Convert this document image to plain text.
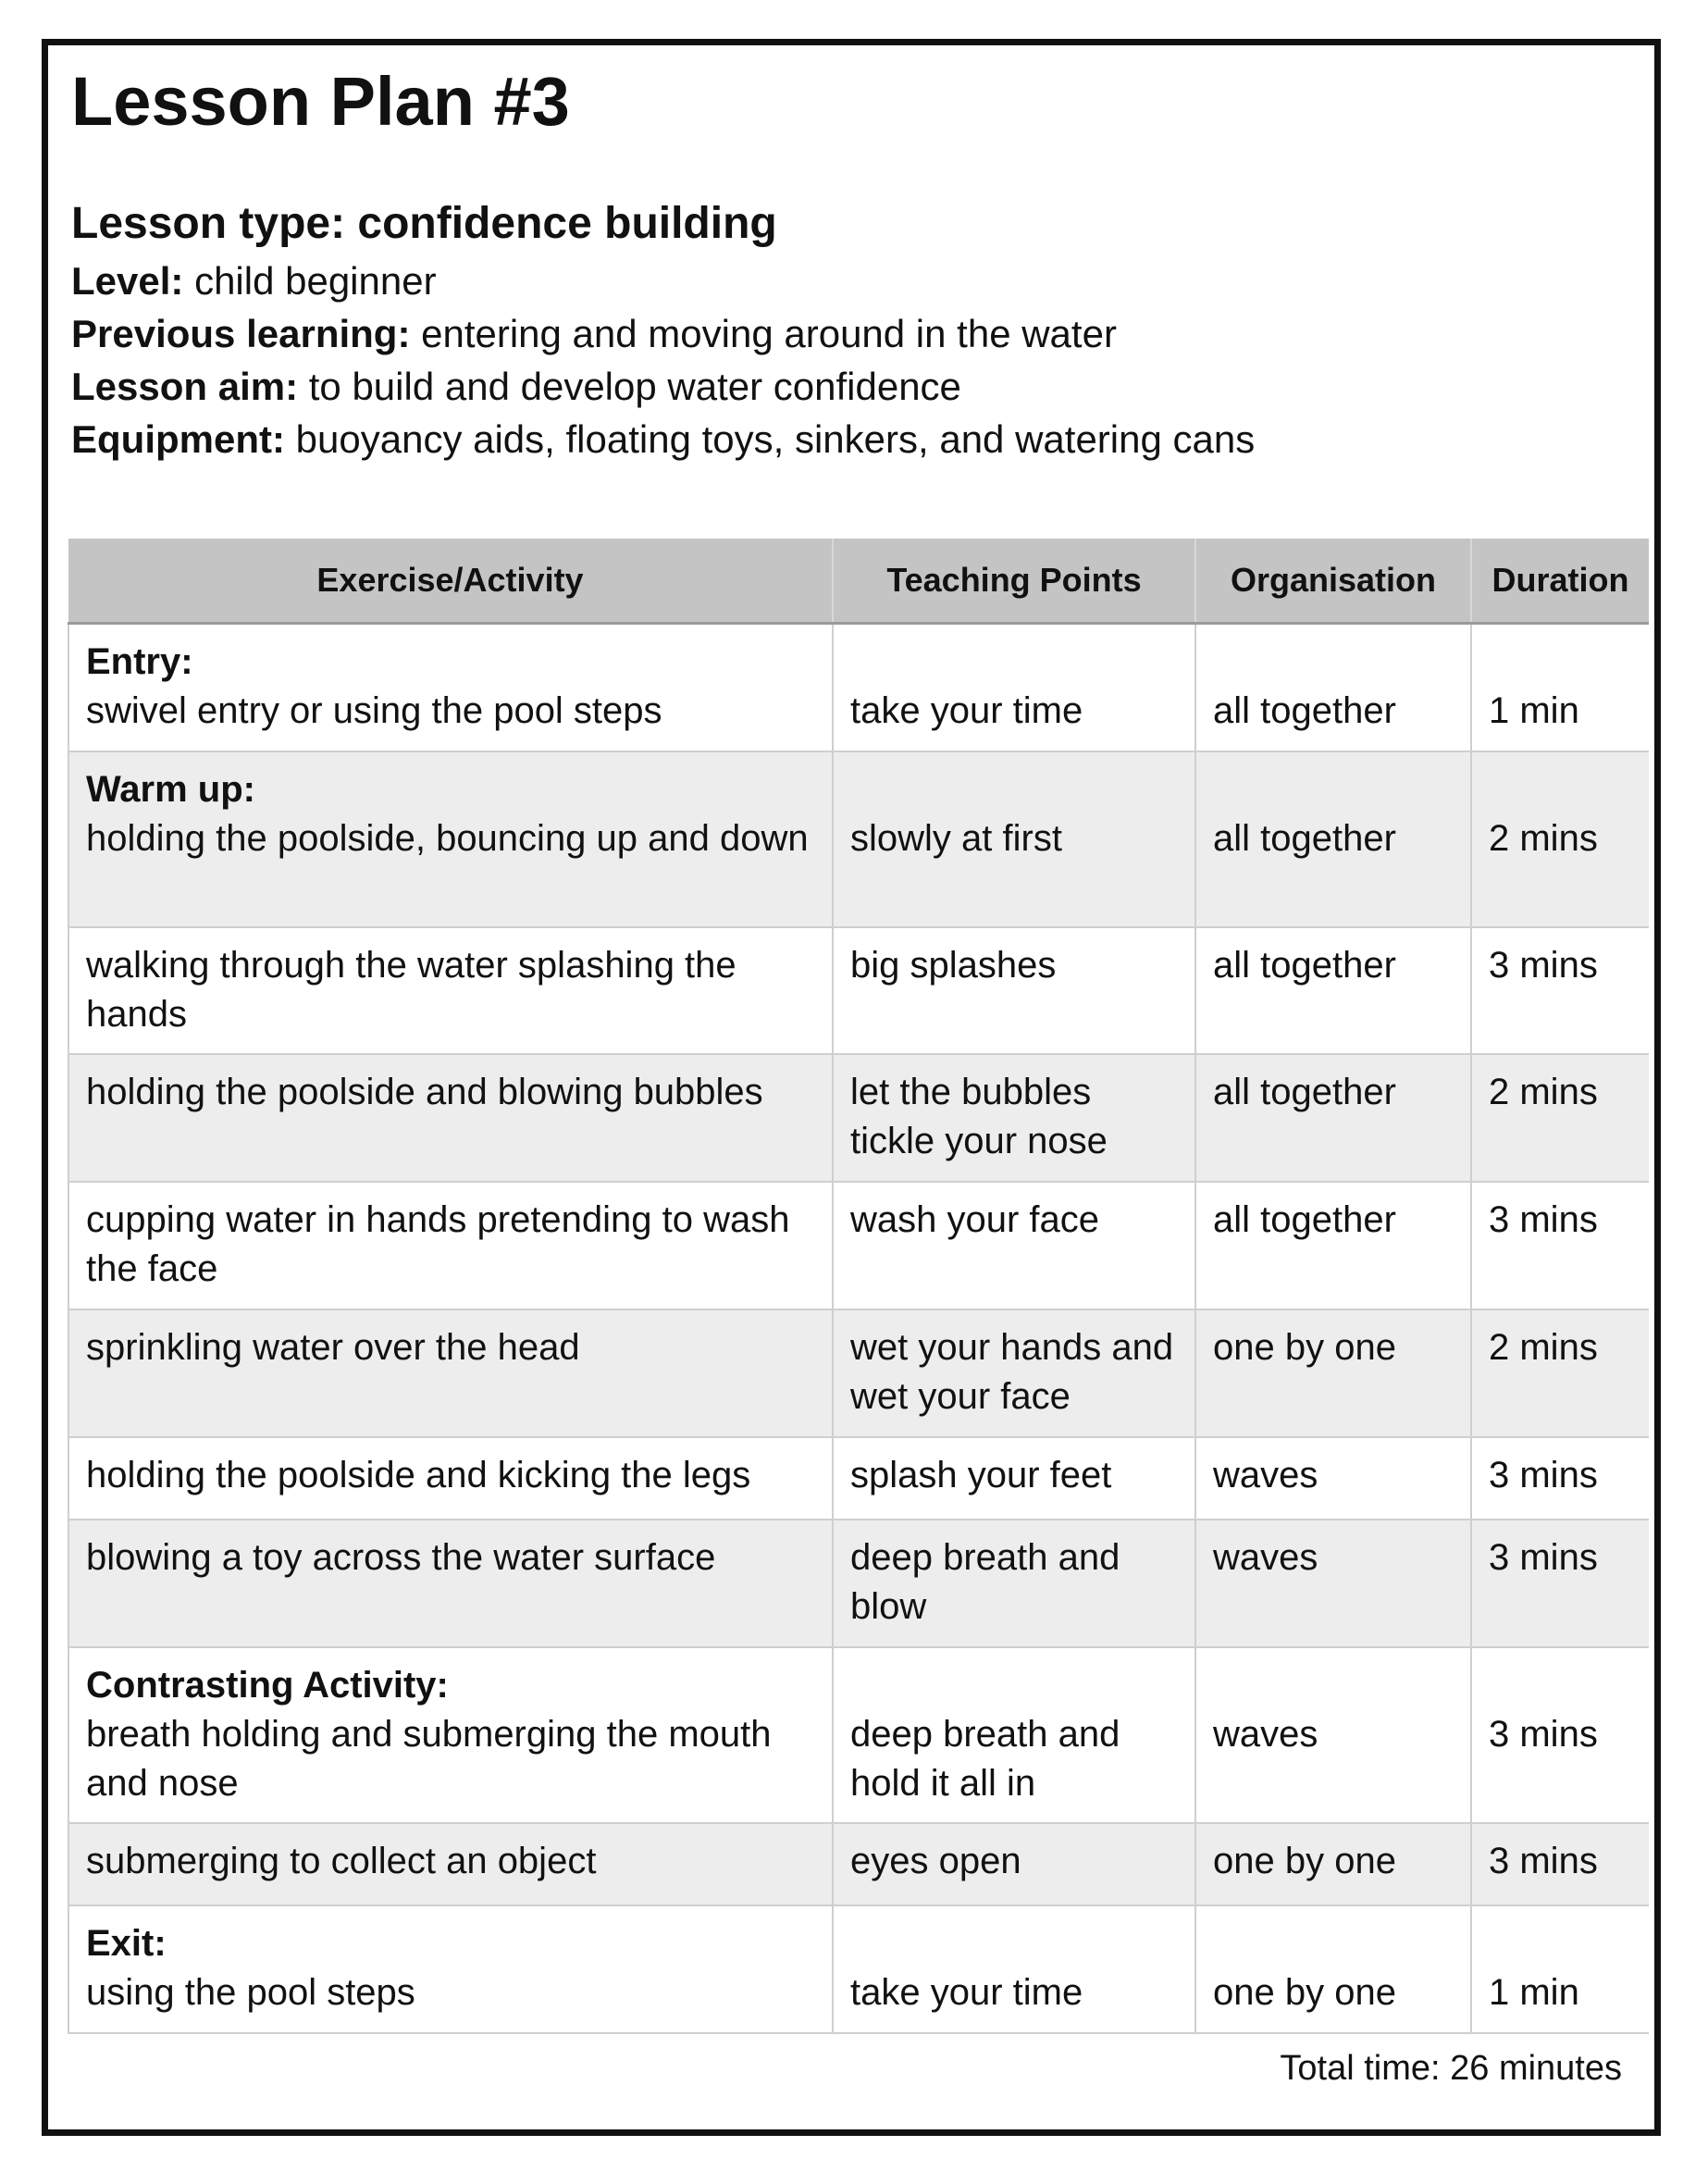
Lesson Plan #3
Lesson type: confidence building
Level: child beginner
Previous learning: entering and moving around in the water
Lesson aim: to build and develop water confidence
Equipment: buoyancy aids, floating toys, sinkers, and watering cans
Exercise/Activity	Teaching Points	Organisation	Duration

Entry:
swivel entry or using the pool steps	take your time	all together	1 min

Warm up:
holding the poolside, bouncing up and down	slowly at first	all together	2 mins
walking through the water splashing the hands	big splashes	all together	3 mins
holding the poolside and blowing bubbles	let the bubbles tickle your nose	all together	2 mins
cupping water in hands pretending to wash the face	wash your face	all together	3 mins
sprinkling water over the head	wet your hands and wet your face	one by one	2 mins
holding the poolside and kicking the legs	splash your feet	waves	3 mins
blowing a toy across the water surface	deep breath and blow	waves	3 mins

Contrasting Activity:
breath holding and submerging the mouth and nose	deep breath and hold it all in	waves	3 mins
submerging to collect an object	eyes open	one by one	3 mins

Exit:
using the pool steps	take your time	one by one	1 min
Total time: 26 minutes
